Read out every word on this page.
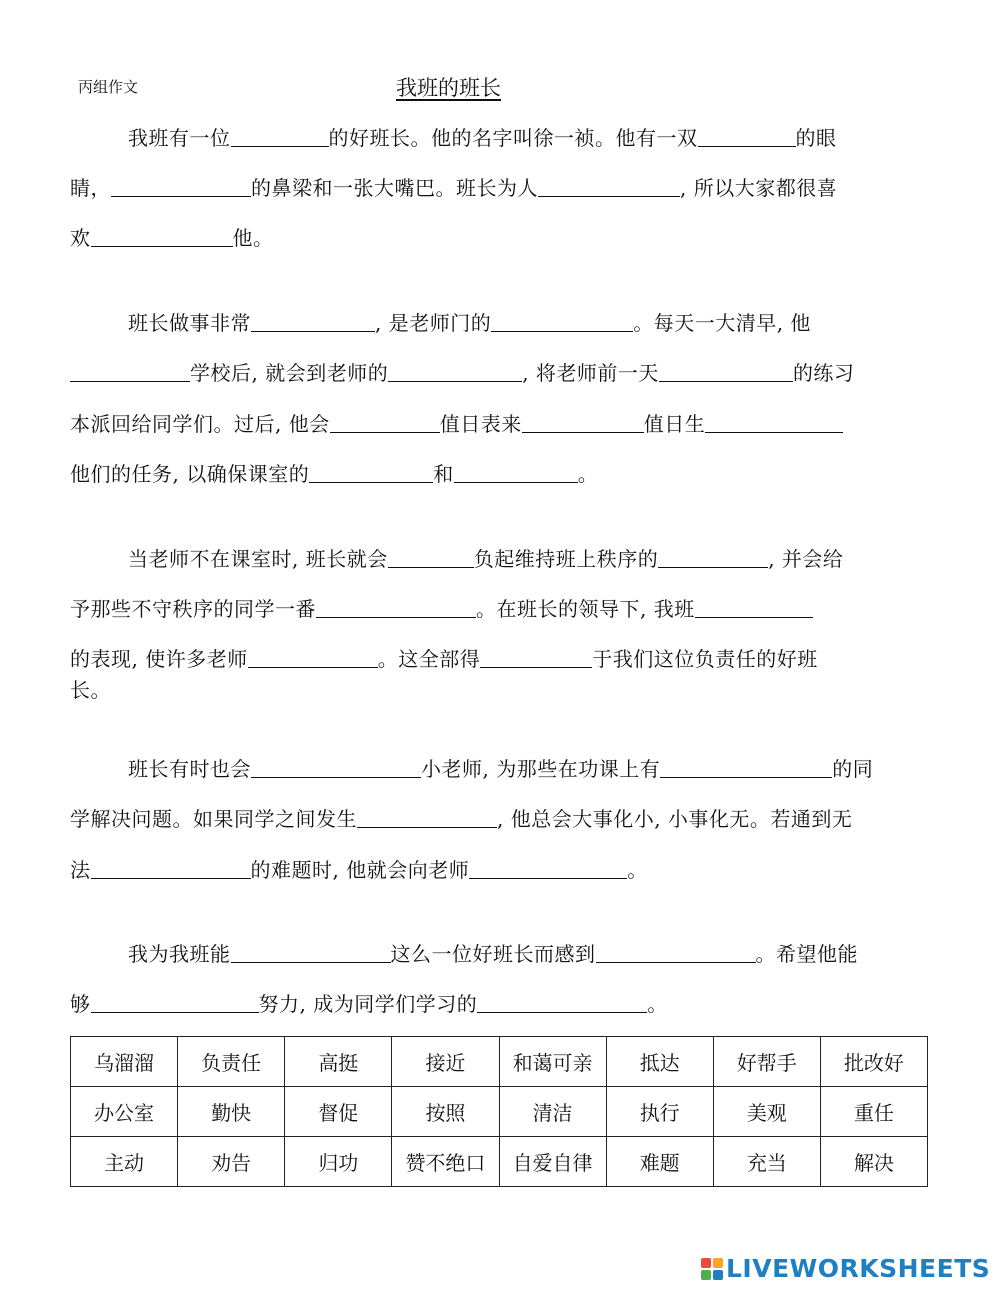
丙组作文	我班的班长
我班有一位	的好班长。他的名字叫徐一祯。他有一双	的眼
睛，	的鼻梁和一张大嘴巴。班长为人	, 所以大家都很喜
欢	他。
班长做事非常	, 是老师门的	。每天一大清早, 他
学校后, 就会到老师的	, 将老师前一天	的练习
本派回给同学们。过后, 他会	值日表来	值日生
他们的任务, 以确保课室的	和	。
当老师不在课室时, 班长就会	负起维持班上秩序的	, 并会给
予那些不守秩序的同学一番	。在班长的领导下, 我班
的表现, 使许多老师	。这全部得	于我们这位负责任的好班
长。
班长有时也会	小老师, 为那些在功课上有	的同
学解决问题。如果同学之间发生	, 他总会大事化小, 小事化无。若通到无
法	的难题时, 他就会向老师	。
我为我班能	这么一位好班长而感到	。希望他能
够	努力, 成为同学们学习的	。
乌溜溜	负责任	高挺	接近	和蔼可亲	抵达	好帮手	批改好
办公室	勤快	督促	按照	清洁	执行	美观	重任
主动	劝告	归功	赞不绝口	自爱自律	难题	充当	解决
LIVEWORKSHEETS
